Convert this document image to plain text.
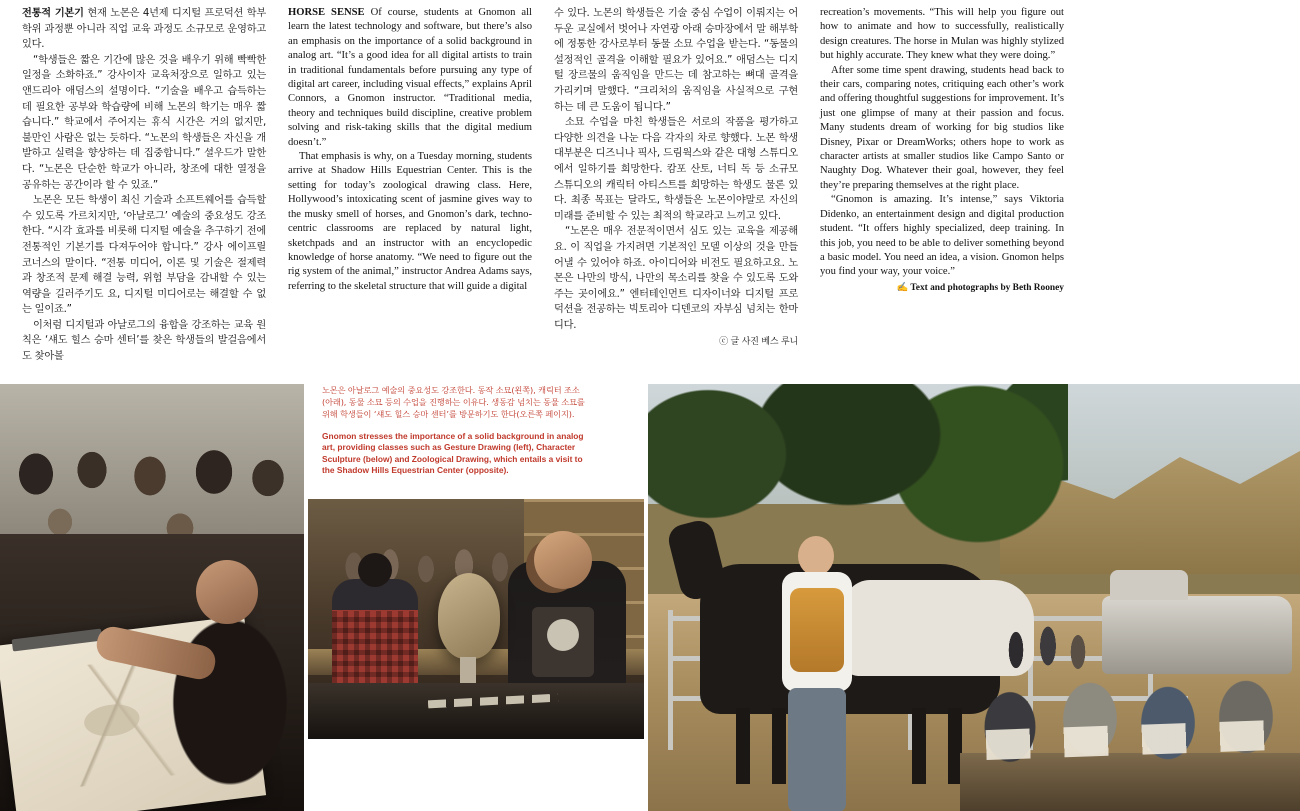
전통적 기본기 현재 노몬은 4년제 디지털 프로덕션 학부 학위 과정뿐 아니라 직업 교육 과정도 소규모로 운영하고 있다.

“학생들은 짧은 기간에 많은 것을 배우기 위해 빡빡한 일정을 소화하죠.” 강사이자 교육처장으로 일하고 있는 앤드리아 애덤스의 설명이다. “기술을 배우고 습득하는 데 필요한 공부와 학습량에 비해 노몬의 학기는 매우 짧습니다.” 학교에서 주어지는 휴식 시간은 거의 없지만, 불만인 사람은 없는 듯하다. “노몬의 학생들은 자신을 개발하고 실력을 향상하는 데 집중합니다.” 셜우드가 말한다. “노몬은 단순한 학교가 아니라, 창조에 대한 열정을 공유하는 공간이라 할 수 있죠.”

노몬은 모든 학생이 최신 기술과 소프트웨어를 습득할 수 있도록 가르치지만, ‘아날로그’ 예술의 중요성도 강조한다. “시각 효과를 비롯해 디지털 예술을 추구하기 전에 전통적인 기본기를 다져두어야 합니다.” 강사 에이프릴 코너스의 말이다. “전통 미디어, 이론 및 기술은 절제력과 창조적 문제 해결 능력, 위험 부담을 감내할 수 있는 역량을 길러주기도 요, 디지털 미디어로는 해결할 수 없는 일이죠.”

이처럼 디지털과 아날로그의 융합을 강조하는 교육 원칙은 ‘섀도 힐스 승마 센터’를 찾은 학생들의 발걸음에서도 찾아볼

HORSE SENSE Of course, students at Gnomon all learn the latest technology and software, but there’s also an emphasis on the importance of a solid background in analog art. “It’s a good idea for all digital artists to train in traditional fundamentals before pursuing any type of digital art career, including visual effects,” explains April Connors, a Gnomon instructor. “Traditional media, theory and techniques build discipline, creative problem solving and risk-taking skills that the digital medium doesn’t.”

That emphasis is why, on a Tuesday morning, students arrive at Shadow Hills Equestrian Center. This is the setting for today’s zoological drawing class. Here, Hollywood’s intoxicating scent of jasmine gives way to the musky smell of horses, and Gnomon’s dark, techno-centric classrooms are replaced by natural light, sketchpads and an instructor with an encyclopedic knowledge of horse anatomy. “We need to figure out the rig system of the animal,” instructor Andrea Adams says, referring to the skeletal structure that will guide a digital

수 있다. 노몬의 학생들은 기술 중심 수업이 이뤄지는 어두운 교실에서 벗어나 자연광 아래 승마장에서 말 해부학에 정통한 강사로부터 동물 소묘 수업을 받는다. “동물의 설정적인 골격을 이해할 필요가 있어요.” 애덤스는 디지털 장르물의 움직임을 만드는 데 참고하는 뼈대 골격을 가리키며 말했다. “크리처의 움직임을 사실적으로 구현하는 데 큰 도움이 됩니다.”

소묘 수업을 마친 학생들은 서로의 작품을 평가하고 다양한 의견을 나눈 다음 각자의 차로 향했다. 노몬 학생 대부분은 디즈니나 픽사, 드림웍스와 같은 대형 스튜디오에서 일하기를 희망한다. 캄포 산토, 너티 독 등 소규모 스튜디오의 캐릭터 아티스트를 희망하는 학생도 물론 있다. 최종 목표는 달라도, 학생들은 노몬이야말로 자신의 미래를 준비할 수 있는 최적의 학교라고 느끼고 있다.

“노몬은 매우 전문적이면서 심도 있는 교육을 제공해요. 이 직업을 가지려면 기본적인 모델 이상의 것을 만들어낼 수 있어야 하죠. 아이디어와 비전도 필요하고요. 노몬은 나만의 방식, 나만의 목소리를 찾을 수 있도록 도와주는 곳이에요.” 엔터테인먼트 디자이너와 디지털 프로덕션을 전공하는 빅토리아 디덴코의 자부심 넘치는 한마디다.

ⓒ 글 사진 베스 루니

recreation’s movements. “This will help you figure out how to animate and how to successfully, realistically design creatures. The horse in Mulan was highly stylized but highly accurate. They knew what they were doing.”

After some time spent drawing, students head back to their cars, comparing notes, critiquing each other’s work and offering thoughtful suggestions for improvement. It’s just one glimpse of many at their passion and focus. Many students dream of working for big studios like Disney, Pixar or DreamWorks; others hope to work as character artists at smaller studios like Campo Santo or Naughty Dog. Whatever their goal, however, they feel they’re preparing themselves at the right place.

“Gnomon is amazing. It’s intense,” says Viktoria Didenko, an entertainment design and digital production student. “It offers highly specialized, deep training. In this job, you need to be able to deliver something beyond a basic model. You need an idea, a vision. Gnomon helps you find your way, your voice.”

✍ Text and photographs by Beth Rooney

노몬은 아날로그 예술의 중요성도 강조한다. 동작 소묘(왼쪽), 캐릭터 조소(아래), 동물 소묘 등의 수업을 진행하는 이유다. 생동감 넘치는 동물 소묘를 위해 학생들이 ‘섀도 힐스 승마 센터’를 방문하기도 한다(오른쪽 페이지).

Gnomon stresses the importance of a solid background in analog art, providing classes such as Gesture Drawing (left), Character Sculpture (below) and Zoological Drawing, which entails a visit to the Shadow Hills Equestrian Center (opposite).
